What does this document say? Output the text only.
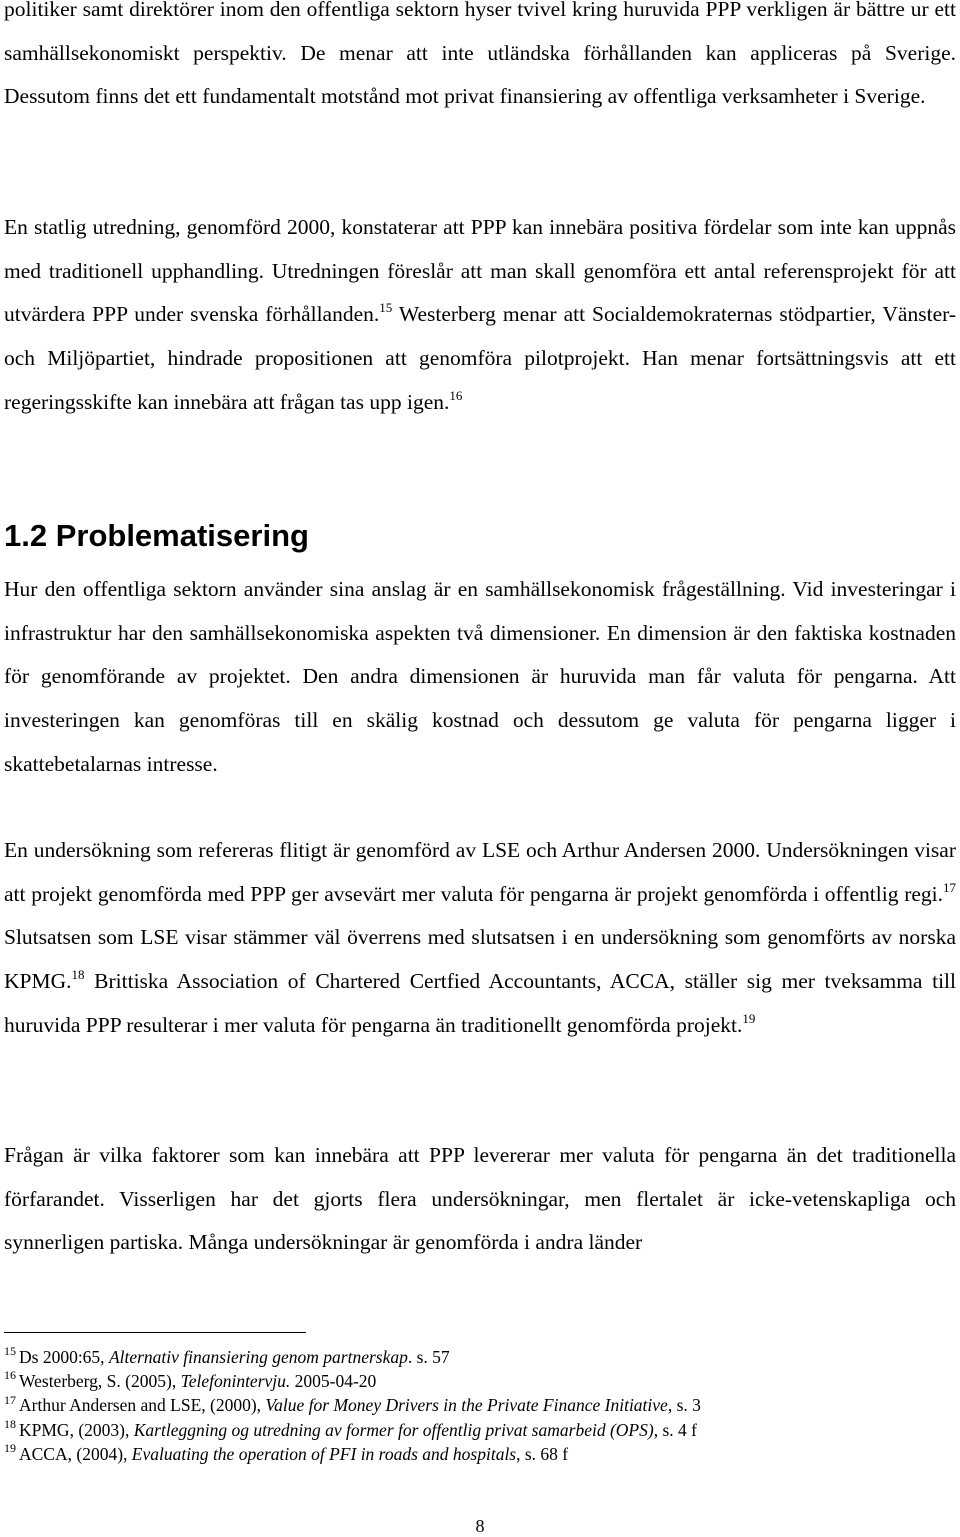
politiker samt direktörer inom den offentliga sektorn hyser tvivel kring huruvida PPP verkligen är bättre ur ett samhällsekonomiskt perspektiv. De menar att inte utländska förhållanden kan appliceras på Sverige. Dessutom finns det ett fundamentalt motstånd mot privat finansiering av offentliga verksamheter i Sverige.

En statlig utredning, genomförd 2000, konstaterar att PPP kan innebära positiva fördelar som inte kan uppnås med traditionell upphandling. Utredningen föreslår att man skall genomföra ett antal referensprojekt för att utvärdera PPP under svenska förhållanden.$^{15}$ Westerberg menar att Socialdemokraternas stödpartier, Vänster- och Miljöpartiet, hindrade propositionen att genomföra pilotprojekt. Han menar fortsättningsvis att ett regeringsskifte kan innebära att frågan tas upp igen.$^{16}$

1.2 Problematisering

Hur den offentliga sektorn använder sina anslag är en samhällsekonomisk frågeställning. Vid investeringar i infrastruktur har den samhällsekonomiska aspekten två dimensioner. En dimension är den faktiska kostnaden för genomförande av projektet. Den andra dimensionen är huruvida man får valuta för pengarna. Att investeringen kan genomföras till en skälig kostnad och dessutom ge valuta för pengarna ligger i skattebetalarnas intresse.

En undersökning som refereras flitigt är genomförd av LSE och Arthur Andersen 2000. Undersökningen visar att projekt genomförda med PPP ger avsevärt mer valuta för pengarna är projekt genomförda i offentlig regi.$^{17}$ Slutsatsen som LSE visar stämmer väl överrens med slutsatsen i en undersökning som genomförts av norska KPMG.$^{18}$ Brittiska Association of Chartered Certfied Accountants, ACCA, ställer sig mer tveksamma till huruvida PPP resulterar i mer valuta för pengarna än traditionellt genomförda projekt.$^{19}$

Frågan är vilka faktorer som kan innebära att PPP levererar mer valuta för pengarna än det traditionella förfarandet. Visserligen har det gjorts flera undersökningar, men flertalet är icke-vetenskapliga och synnerligen partiska. Många undersökningar är genomförda i andra länder

$^{15}$ Ds 2000:65, Alternativ finansiering genom partnerskap. s. 57

$^{16}$ Westerberg, S. (2005), Telefonintervju. 2005-04-20

$^{17}$ Arthur Andersen and LSE, (2000), Value for Money Drivers in the Private Finance Initiative, s. 3

$^{18}$ KPMG, (2003), Kartleggning og utredning av former for offentlig privat samarbeid (OPS), s. 4 f

$^{19}$ ACCA, (2004), Evaluating the operation of PFI in roads and hospitals, s. 68 f

8
